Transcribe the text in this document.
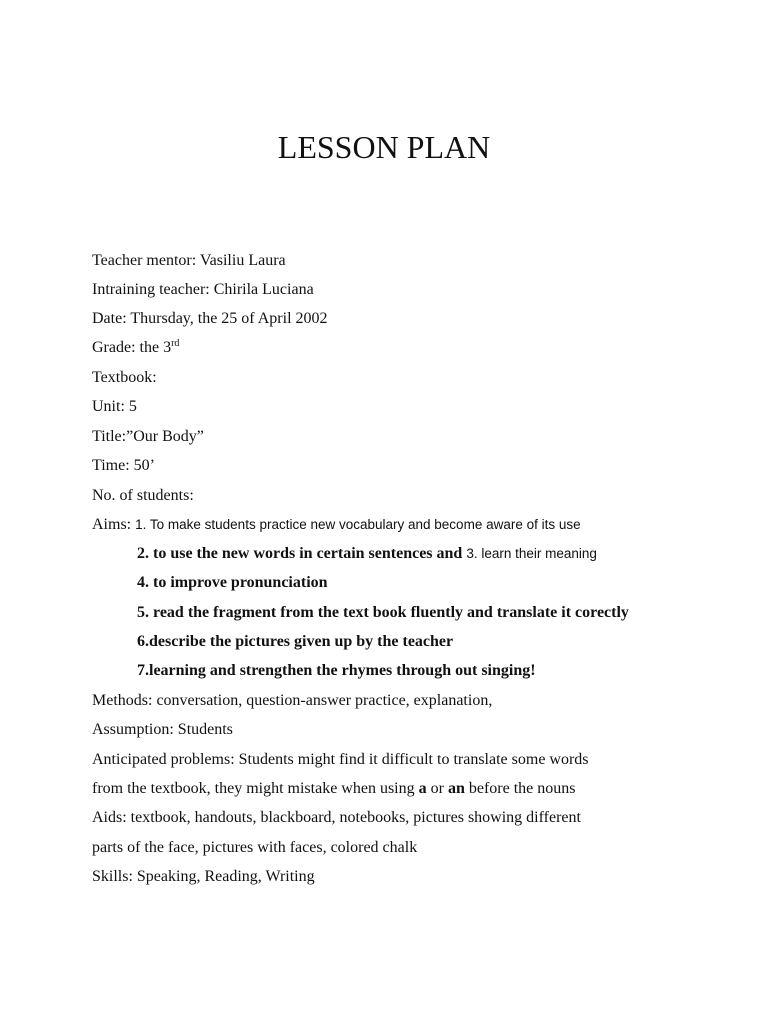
LESSON PLAN
Teacher mentor: Vasiliu Laura
Intraining teacher: Chirila Luciana
Date: Thursday, the 25 of April 2002
Grade: the 3rd
Textbook:
Unit: 5
Title:”Our Body”
Time: 50’
No. of students:
Aims: 1. To make students practice new vocabulary and become aware of its use
2. to use the new words in certain sentences and 3. learn their meaning
4. to improve pronunciation
5. read the fragment from the text book fluently and translate it corectly
6.describe the pictures given up by the teacher
7.learning and strengthen the rhymes through out singing!
Methods: conversation, question-answer practice, explanation,
Assumption: Students
Anticipated problems: Students might find it difficult to translate some words
from the textbook, they might mistake when using a or an before the nouns
Aids: textbook, handouts, blackboard, notebooks, pictures showing different
parts of the face, pictures with faces, colored chalk
Skills: Speaking, Reading, Writing
